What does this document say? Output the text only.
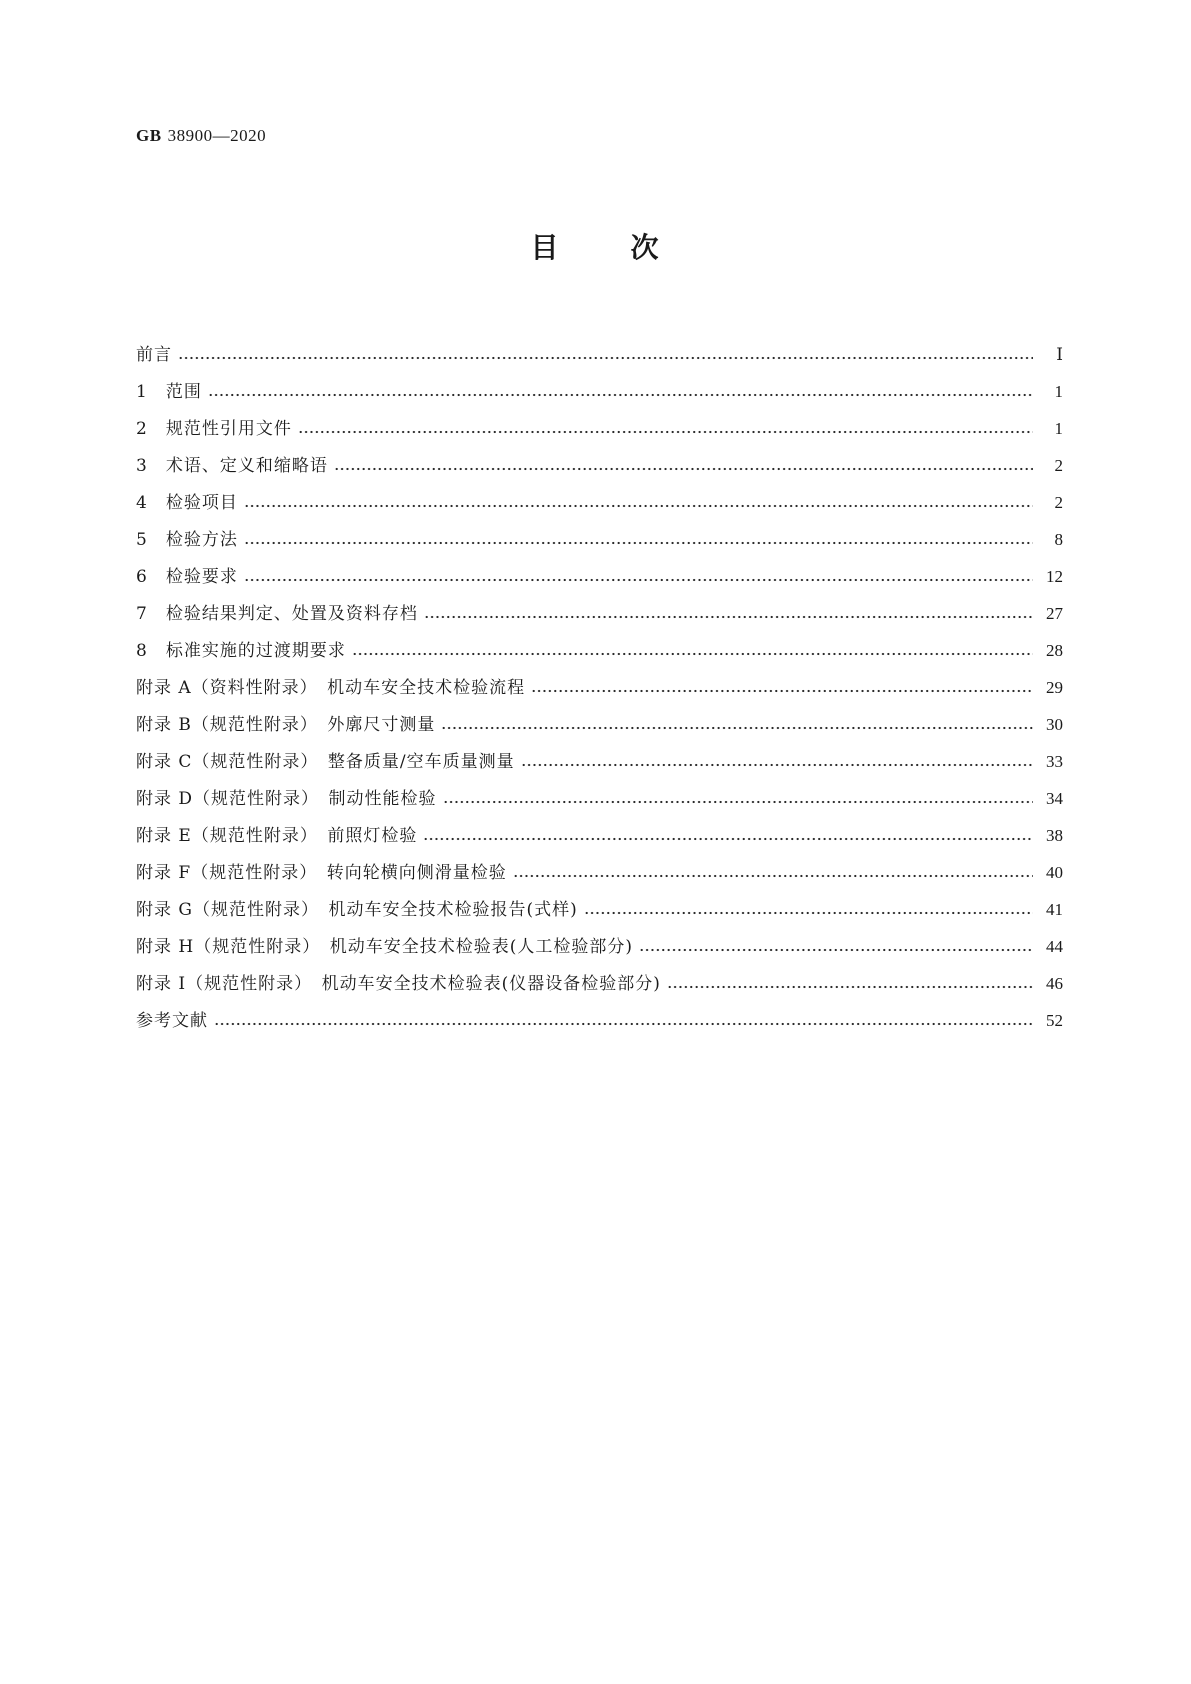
GB 38900—2020
目	次
前言	Ⅰ
1　范围	1
2　规范性引用文件	1
3　术语、定义和缩略语	2
4　检验项目	2
5　检验方法	8
6　检验要求	12
7　检验结果判定、处置及资料存档	27
8　标准实施的过渡期要求	28
附录 A（资料性附录）　机动车安全技术检验流程	29
附录 B（规范性附录）　外廓尺寸测量	30
附录 C（规范性附录）　整备质量/空车质量测量	33
附录 D（规范性附录）　制动性能检验	34
附录 E（规范性附录）　前照灯检验	38
附录 F（规范性附录）　转向轮横向侧滑量检验	40
附录 G（规范性附录）　机动车安全技术检验报告(式样)	41
附录 H（规范性附录）　机动车安全技术检验表(人工检验部分)	44
附录 I（规范性附录）　机动车安全技术检验表(仪器设备检验部分)	46
参考文献	52
